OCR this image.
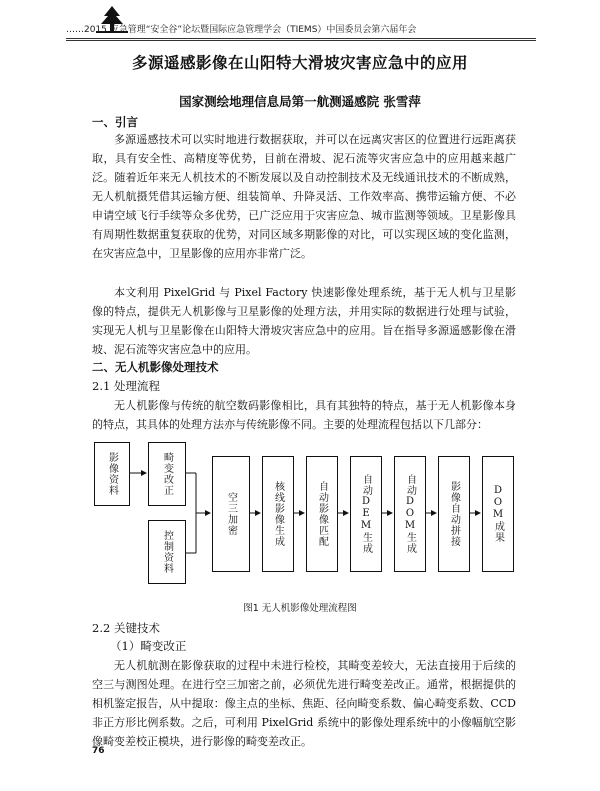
……2015 应急管理“安全谷”论坛暨国际应急管理学会（TIEMS）中国委员会第六届年会
多源遥感影像在山阳特大滑坡灾害应急中的应用
国家测绘地理信息局第一航测遥感院 张雪萍
一、引言

多源遥感技术可以实时地进行数据获取，并可以在远离灾害区的位置进行远距离获取，具有安全性、高精度等优势，目前在滑坡、泥石流等灾害应急中的应用越来越广泛。随着近年来无人机技术的不断发展以及自动控制技术及无线通讯技术的不断成熟，无人机航摄凭借其运输方便、组装简单、升降灵活、工作效率高、携带运输方便、不必申请空域飞行手续等众多优势，已广泛应用于灾害应急、城市监测等领域。卫星影像具有周期性数据重复获取的优势，对同区域多期影像的对比，可以实现区域的变化监测，在灾害应急中，卫星影像的应用亦非常广泛。

本文利用 PixelGrid 与 Pixel Factory 快速影像处理系统，基于无人机与卫星影像的特点，提供无人机影像与卫星影像的处理方法，并用实际的数据进行处理与试验，实现无人机与卫星影像在山阳特大滑坡灾害应急中的应用。旨在指导多源遥感影像在滑坡、泥石流等灾害应急中的应用。

二、无人机影像处理技术
2.1 处理流程

无人机影像与传统的航空数码影像相比，具有其独特的特点，基于无人机影像本身的特点，其具体的处理方法亦与传统影像不同。主要的处理流程包括以下几部分：

影像资料	畸变改正
控制资料
空三加密	核线影像生成	自动影像匹配	自动DEM生成	自动DOM生成	影像自动拼接	DOM成果
图1 无人机影像处理流程图
2.2 关键技术
（1）畸变改正

无人机航测在影像获取的过程中未进行检校，其畸变差较大，无法直接用于后续的空三与测图处理。在进行空三加密之前，必须优先进行畸变差改正。通常，根据提供的相机鉴定报告，从中提取：像主点的坐标、焦距、径向畸变系数、偏心畸变系数、CCD 非正方形比例系数。之后，可利用 PixelGrid 系统中的影像处理系统中的小像幅航空影像畸变差校正模块，进行影像的畸变差改正。

76
